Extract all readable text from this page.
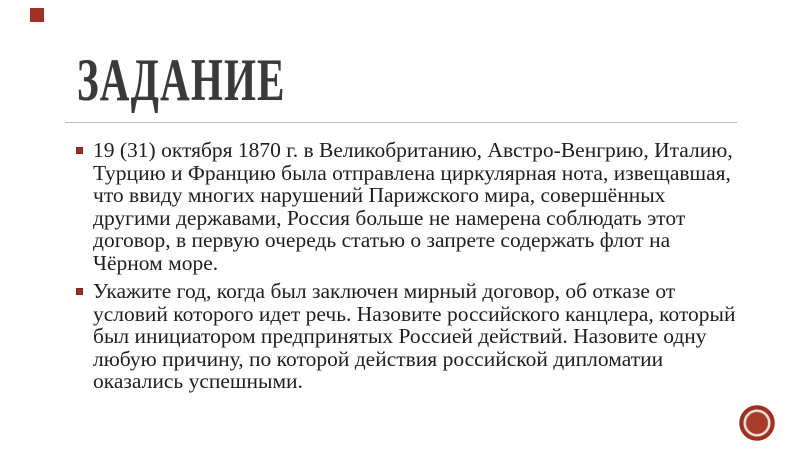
ЗАДАНИЕ

19 (31) октября 1870 г. в Великобританию, Австро-Венгрию, Италию, Турцию и Францию была отправлена циркулярная нота, извещавшая, что ввиду многих нарушений Парижского мира, совершённых другими державами, Россия больше не намерена соблюдать этот договор, в первую очередь статью о запрете содержать флот на Чёрном море.

Укажите год, когда был заключен мирный договор, об отказе от условий которого идет речь. Назовите российского канцлера, который был инициатором предпринятых Россией действий. Назовите одну любую причину, по которой действия российской дипломатии оказались успешными.
